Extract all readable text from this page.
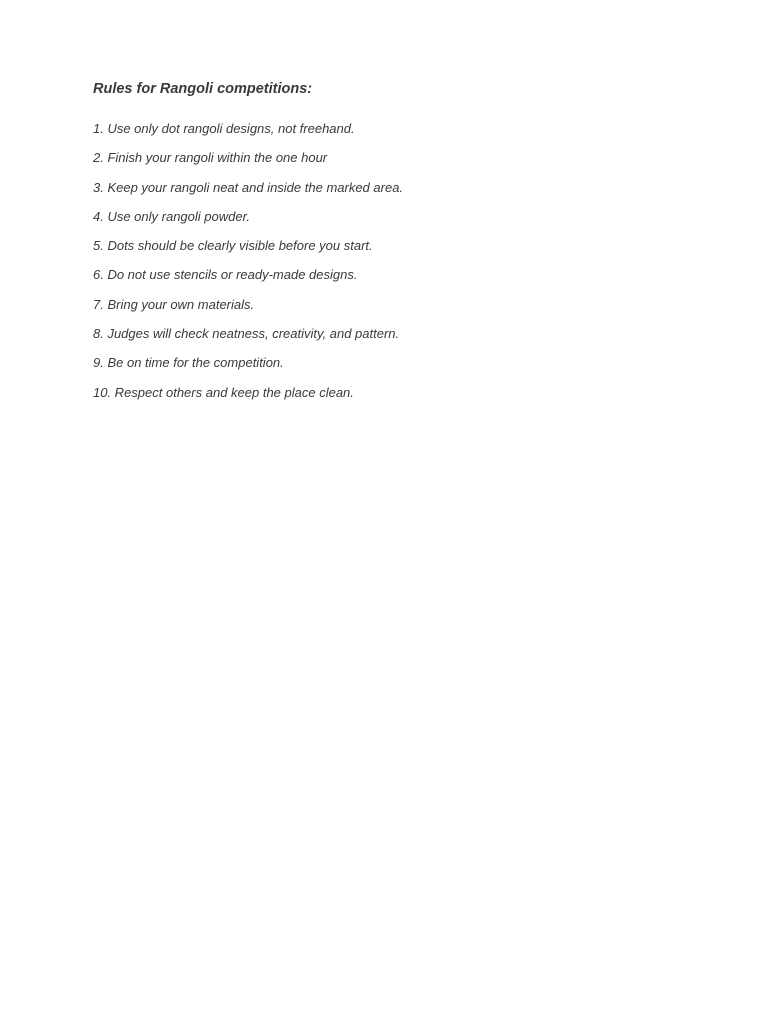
Rules for Rangoli competitions:
1. Use only dot rangoli designs, not freehand.
2. Finish your rangoli within the one hour
3. Keep your rangoli neat and inside the marked area.
4. Use only rangoli powder.
5. Dots should be clearly visible before you start.
6. Do not use stencils or ready-made designs.
7. Bring your own materials.
8. Judges will check neatness, creativity, and pattern.
9. Be on time for the competition.
10. Respect others and keep the place clean.
